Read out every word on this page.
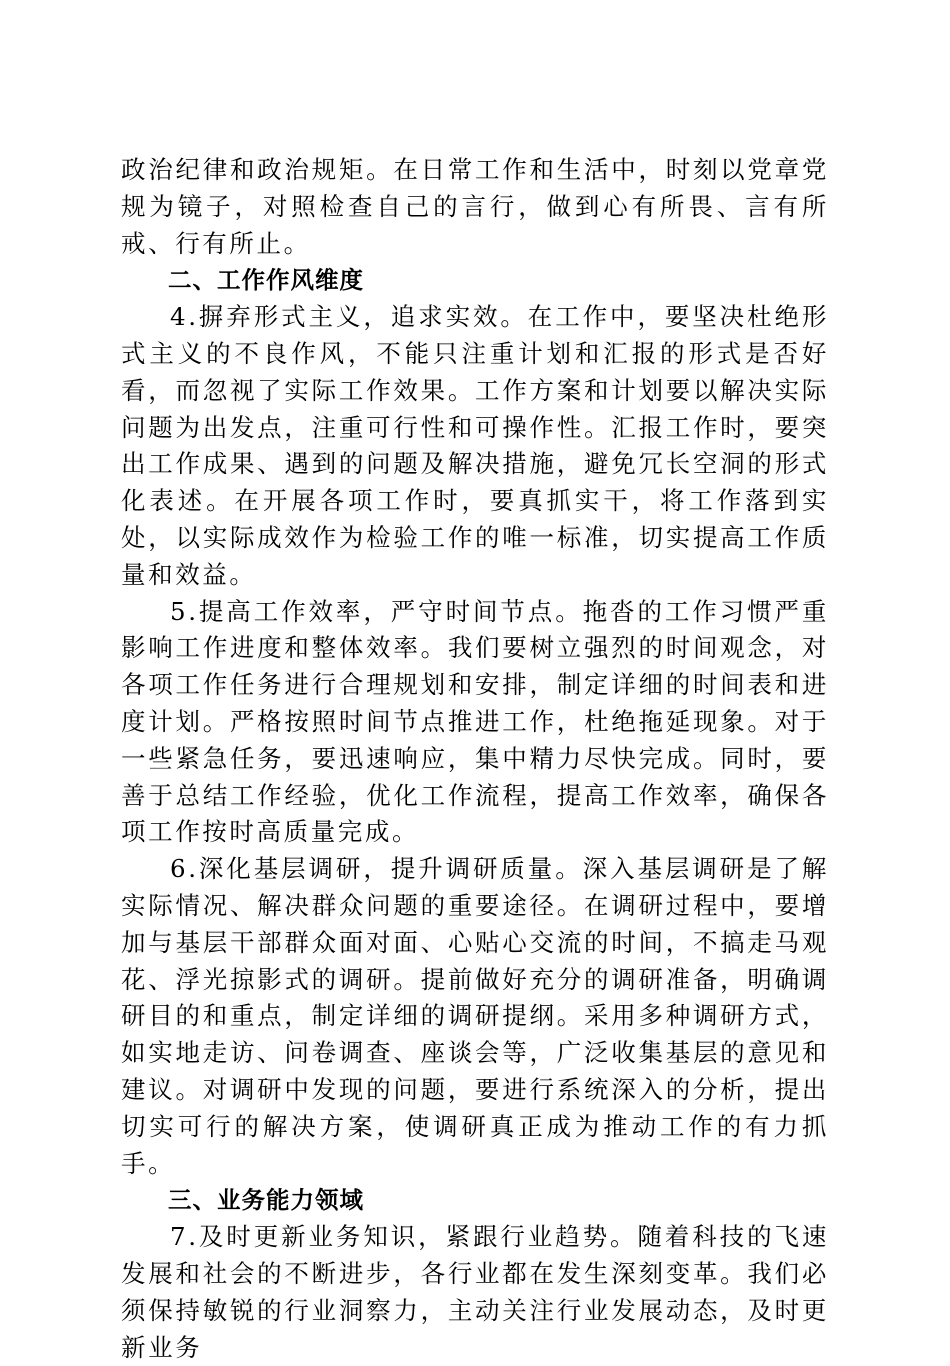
政治纪律和政治规矩。在日常工作和生活中，时刻以党章党规为镜子，对照检查自己的言行，做到心有所畏、言有所戒、行有所止。

二、工作作风维度

4.摒弃形式主义，追求实效。在工作中，要坚决杜绝形式主义的不良作风，不能只注重计划和汇报的形式是否好看，而忽视了实际工作效果。工作方案和计划要以解决实际问题为出发点，注重可行性和可操作性。汇报工作时，要突出工作成果、遇到的问题及解决措施，避免冗长空洞的形式化表述。在开展各项工作时，要真抓实干，将工作落到实处，以实际成效作为检验工作的唯一标准，切实提高工作质量和效益。

5.提高工作效率，严守时间节点。拖沓的工作习惯严重影响工作进度和整体效率。我们要树立强烈的时间观念，对各项工作任务进行合理规划和安排，制定详细的时间表和进度计划。严格按照时间节点推进工作，杜绝拖延现象。对于一些紧急任务，要迅速响应，集中精力尽快完成。同时，要善于总结工作经验，优化工作流程，提高工作效率，确保各项工作按时高质量完成。

6.深化基层调研，提升调研质量。深入基层调研是了解实际情况、解决群众问题的重要途径。在调研过程中，要增加与基层干部群众面对面、心贴心交流的时间，不搞走马观花、浮光掠影式的调研。提前做好充分的调研准备，明确调研目的和重点，制定详细的调研提纲。采用多种调研方式，如实地走访、问卷调查、座谈会等，广泛收集基层的意见和建议。对调研中发现的问题，要进行系统深入的分析，提出切实可行的解决方案，使调研真正成为推动工作的有力抓手。

三、业务能力领域

7.及时更新业务知识，紧跟行业趋势。随着科技的飞速发展和社会的不断进步，各行业都在发生深刻变革。我们必须保持敏锐的行业洞察力，主动关注行业发展动态，及时更新业务
